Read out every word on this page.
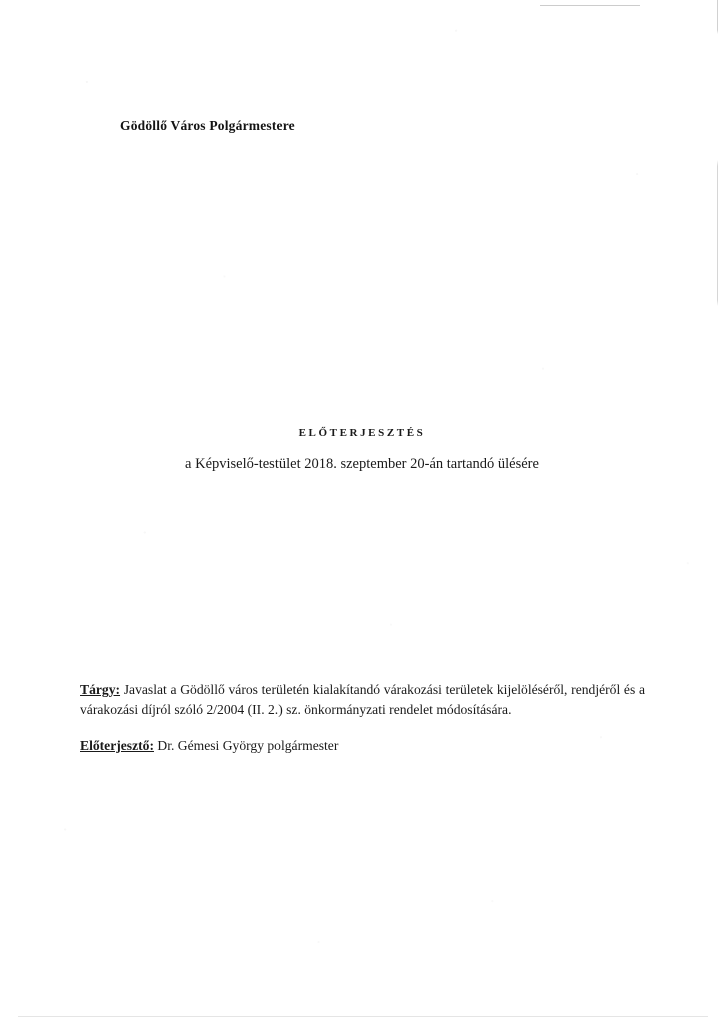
Gödöllő Város Polgármestere
ELŐTERJESZTÉS
a Képviselő-testület 2018. szeptember 20-án tartandó ülésére
Tárgy: Javaslat a Gödöllő város területén kialakítandó várakozási területek kijelöléséről, rendjéről és a várakozási díjról szóló 2/2004 (II. 2.) sz. önkormányzati rendelet módosítására.
Előterjesztő: Dr. Gémesi György polgármester
